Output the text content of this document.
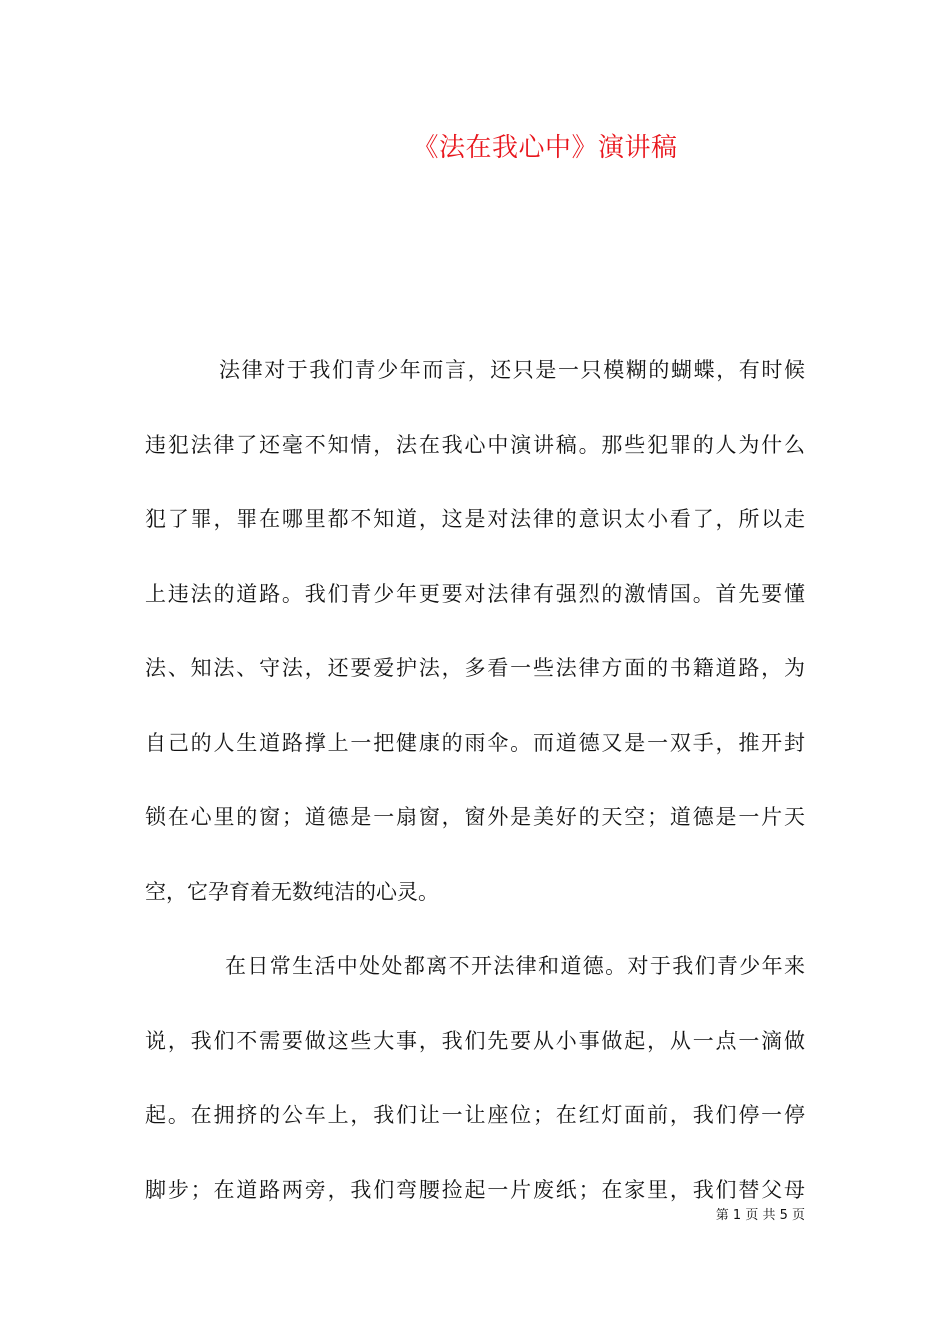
《法在我心中》演讲稿
法律对于我们青少年而言，还只是一只模糊的蝴蝶，有时候
违犯法律了还毫不知情，法在我心中演讲稿。那些犯罪的人为什么
犯了罪，罪在哪里都不知道，这是对法律的意识太小看了，所以走
上违法的道路。我们青少年更要对法律有强烈的激情国。首先要懂
法、知法、守法，还要爱护法，多看一些法律方面的书籍道路，为
自己的人生道路撑上一把健康的雨伞。而道德又是一双手，推开封
锁在心里的窗；道德是一扇窗，窗外是美好的天空；道德是一片天
空，它孕育着无数纯洁的心灵。
在日常生活中处处都离不开法律和道德。对于我们青少年来
说，我们不需要做这些大事，我们先要从小事做起，从一点一滴做
起。在拥挤的公车上，我们让一让座位；在红灯面前，我们停一停
脚步；在道路两旁，我们弯腰捡起一片废纸；在家里，我们替父母
第 1 页 共 5 页
